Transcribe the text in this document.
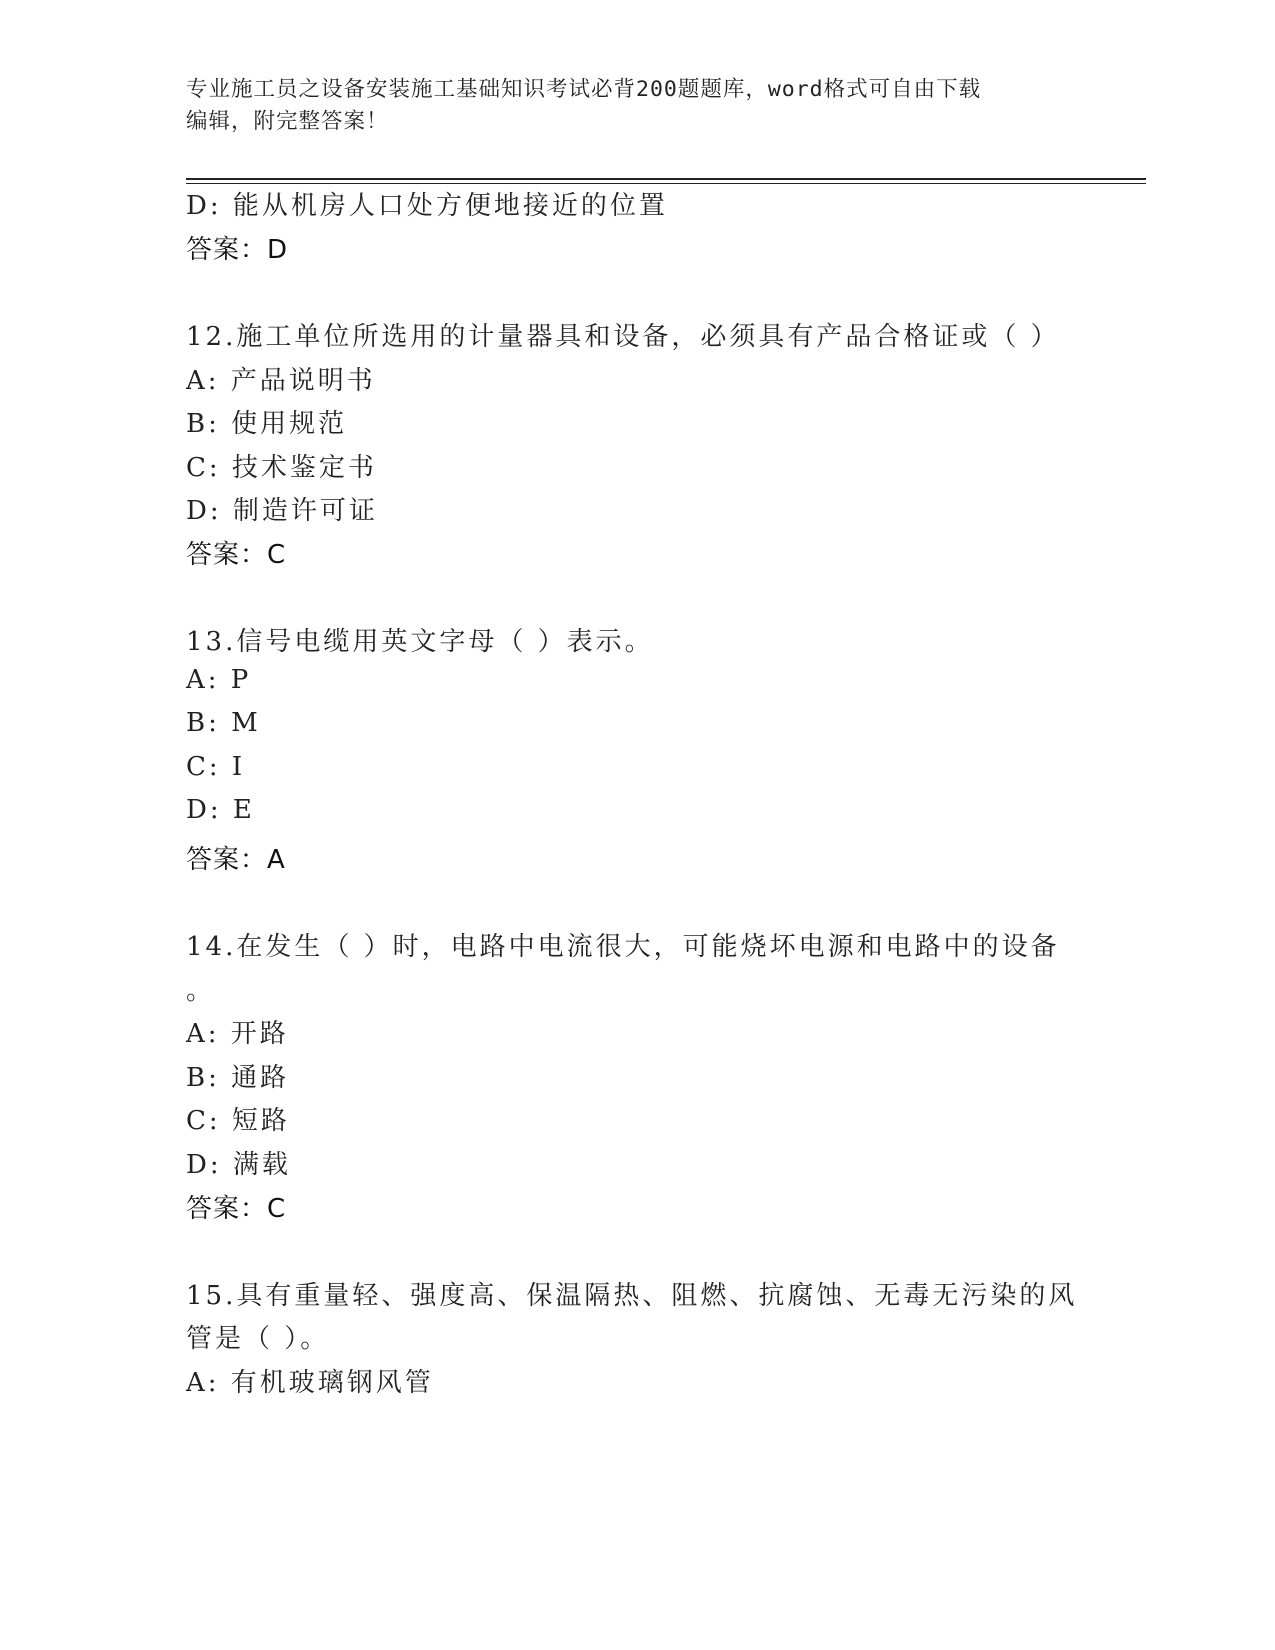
专业施工员之设备安装施工基础知识考试必背200题题库，word格式可自由下载
编辑，附完整答案！
D: 能从机房人口处方便地接近的位置
答案：D
12.施工单位所选用的计量器具和设备，必须具有产品合格证或（ ）
A: 产品说明书
B: 使用规范
C: 技术鉴定书
D: 制造许可证
答案：C
13.信号电缆用英文字母（ ）表示。
A: P
B: M
C: I
D: E
答案：A
14.在发生（ ）时，电路中电流很大，可能烧坏电源和电路中的设备
。
A: 开路
B: 通路
C: 短路
D: 满载
答案：C
15.具有重量轻、强度高、保温隔热、阻燃、抗腐蚀、无毒无污染的风
管是（ ）。
A: 有机玻璃钢风管
